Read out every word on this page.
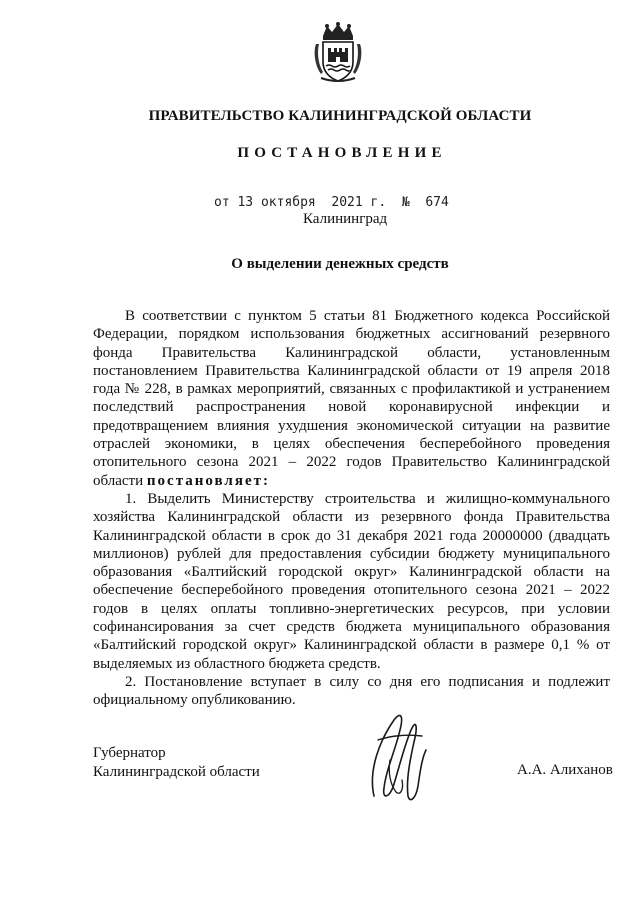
ПРАВИТЕЛЬСТВО КАЛИНИНГРАДСКОЙ ОБЛАСТИ
ПОСТАНОВЛЕНИЕ
от 13 октября  2021 г.  №  674
Калининград
О выделении денежных средств

В соответствии с пунктом 5 статьи 81 Бюджетного кодекса Российской Федерации, порядком использования бюджетных ассигнований резервного фонда Правительства Калининградской области, установленным постановлением Правительства Калининградской области от 19 апреля 2018 года № 228, в рамках мероприятий, связанных с профилактикой и устранением последствий распространения новой коронавирусной инфекции и предотвращением влияния ухудшения экономической ситуации на развитие отраслей экономики, в целях обеспечения бесперебойного проведения отопительного сезона 2021 – 2022 годов Правительство Калининградской области постановляет:

1. Выделить Министерству строительства и жилищно-коммунального хозяйства Калининградской области из резервного фонда Правительства Калининградской области в срок до 31 декабря 2021 года 20000000 (двадцать миллионов) рублей для предоставления субсидии бюджету муниципального образования «Балтийский городской округ» Калининградской области на обеспечение бесперебойного проведения отопительного сезона 2021 – 2022 годов в целях оплаты топливно-энергетических ресурсов, при условии софинансирования за счет средств бюджета муниципального образования «Балтийский городской округ» Калининградской области в размере 0,1 % от выделяемых из областного бюджета средств.

2. Постановление вступает в силу со дня его подписания и подлежит официальному опубликованию.

Губернатор
Калининградской области	А.А. Алиханов
